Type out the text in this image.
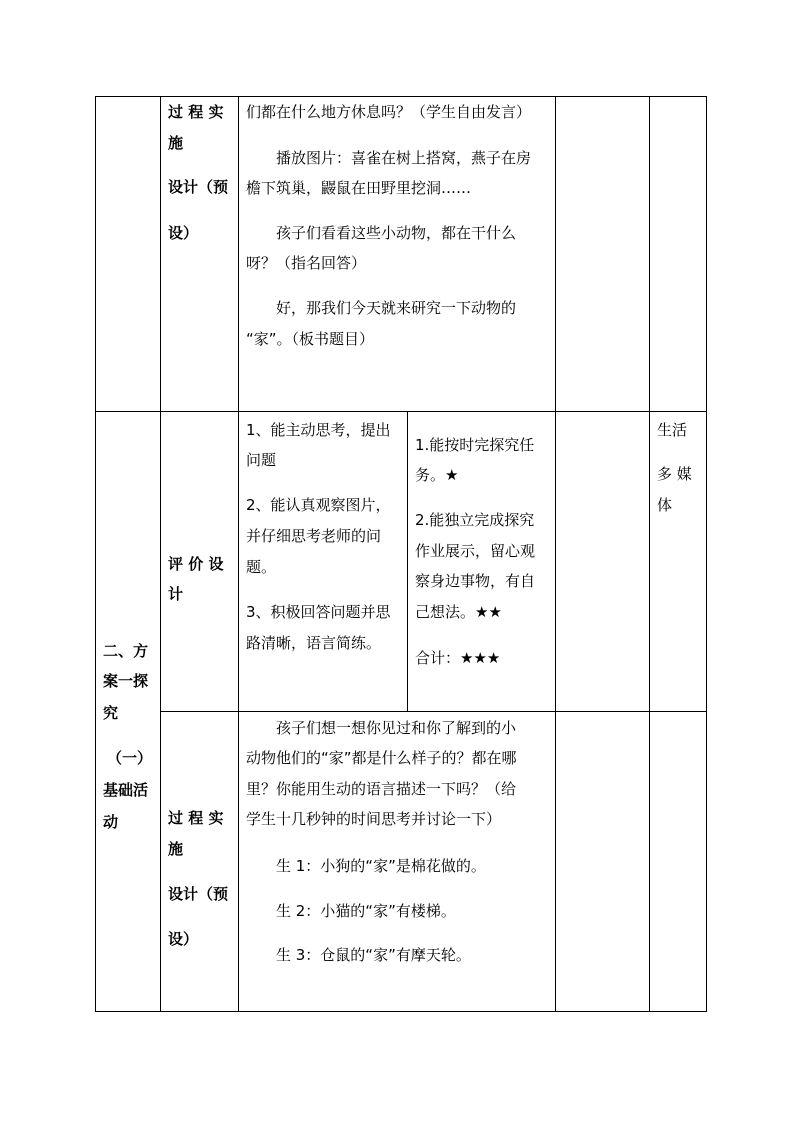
过 程 实
施
设计（预
设）
们都在什么地方休息吗？（学生自由发言）
播放图片：喜雀在树上搭窝，燕子在房
檐下筑巢，鼹鼠在田野里挖洞……
孩子们看看这些小动物，都在干什么
呀？（指名回答）
好，那我们今天就来研究一下动物的
“家”。（板书题目）
二、方
案一探
究
（一）
基础活
动
评 价 设
计
1、能主动思考，提出
问题
2、能认真观察图片，
并仔细思考老师的问
题。
3、积极回答问题并思
路清晰，语言简练。
1.能按时完探究任
务。★
2.能独立完成探究
作业展示，留心观
察身边事物，有自
己想法。★★
合计：★★★
生活
多 媒
体
过 程 实
施
设计（预
设）
孩子们想一想你见过和你了解到的小
动物他们的“家”都是什么样子的？都在哪
里？你能用生动的语言描述一下吗？（给
学生十几秒钟的时间思考并讨论一下）
生 1：小狗的“家”是棉花做的。
生 2：小猫的“家”有楼梯。
生 3：仓鼠的“家”有摩天轮。
